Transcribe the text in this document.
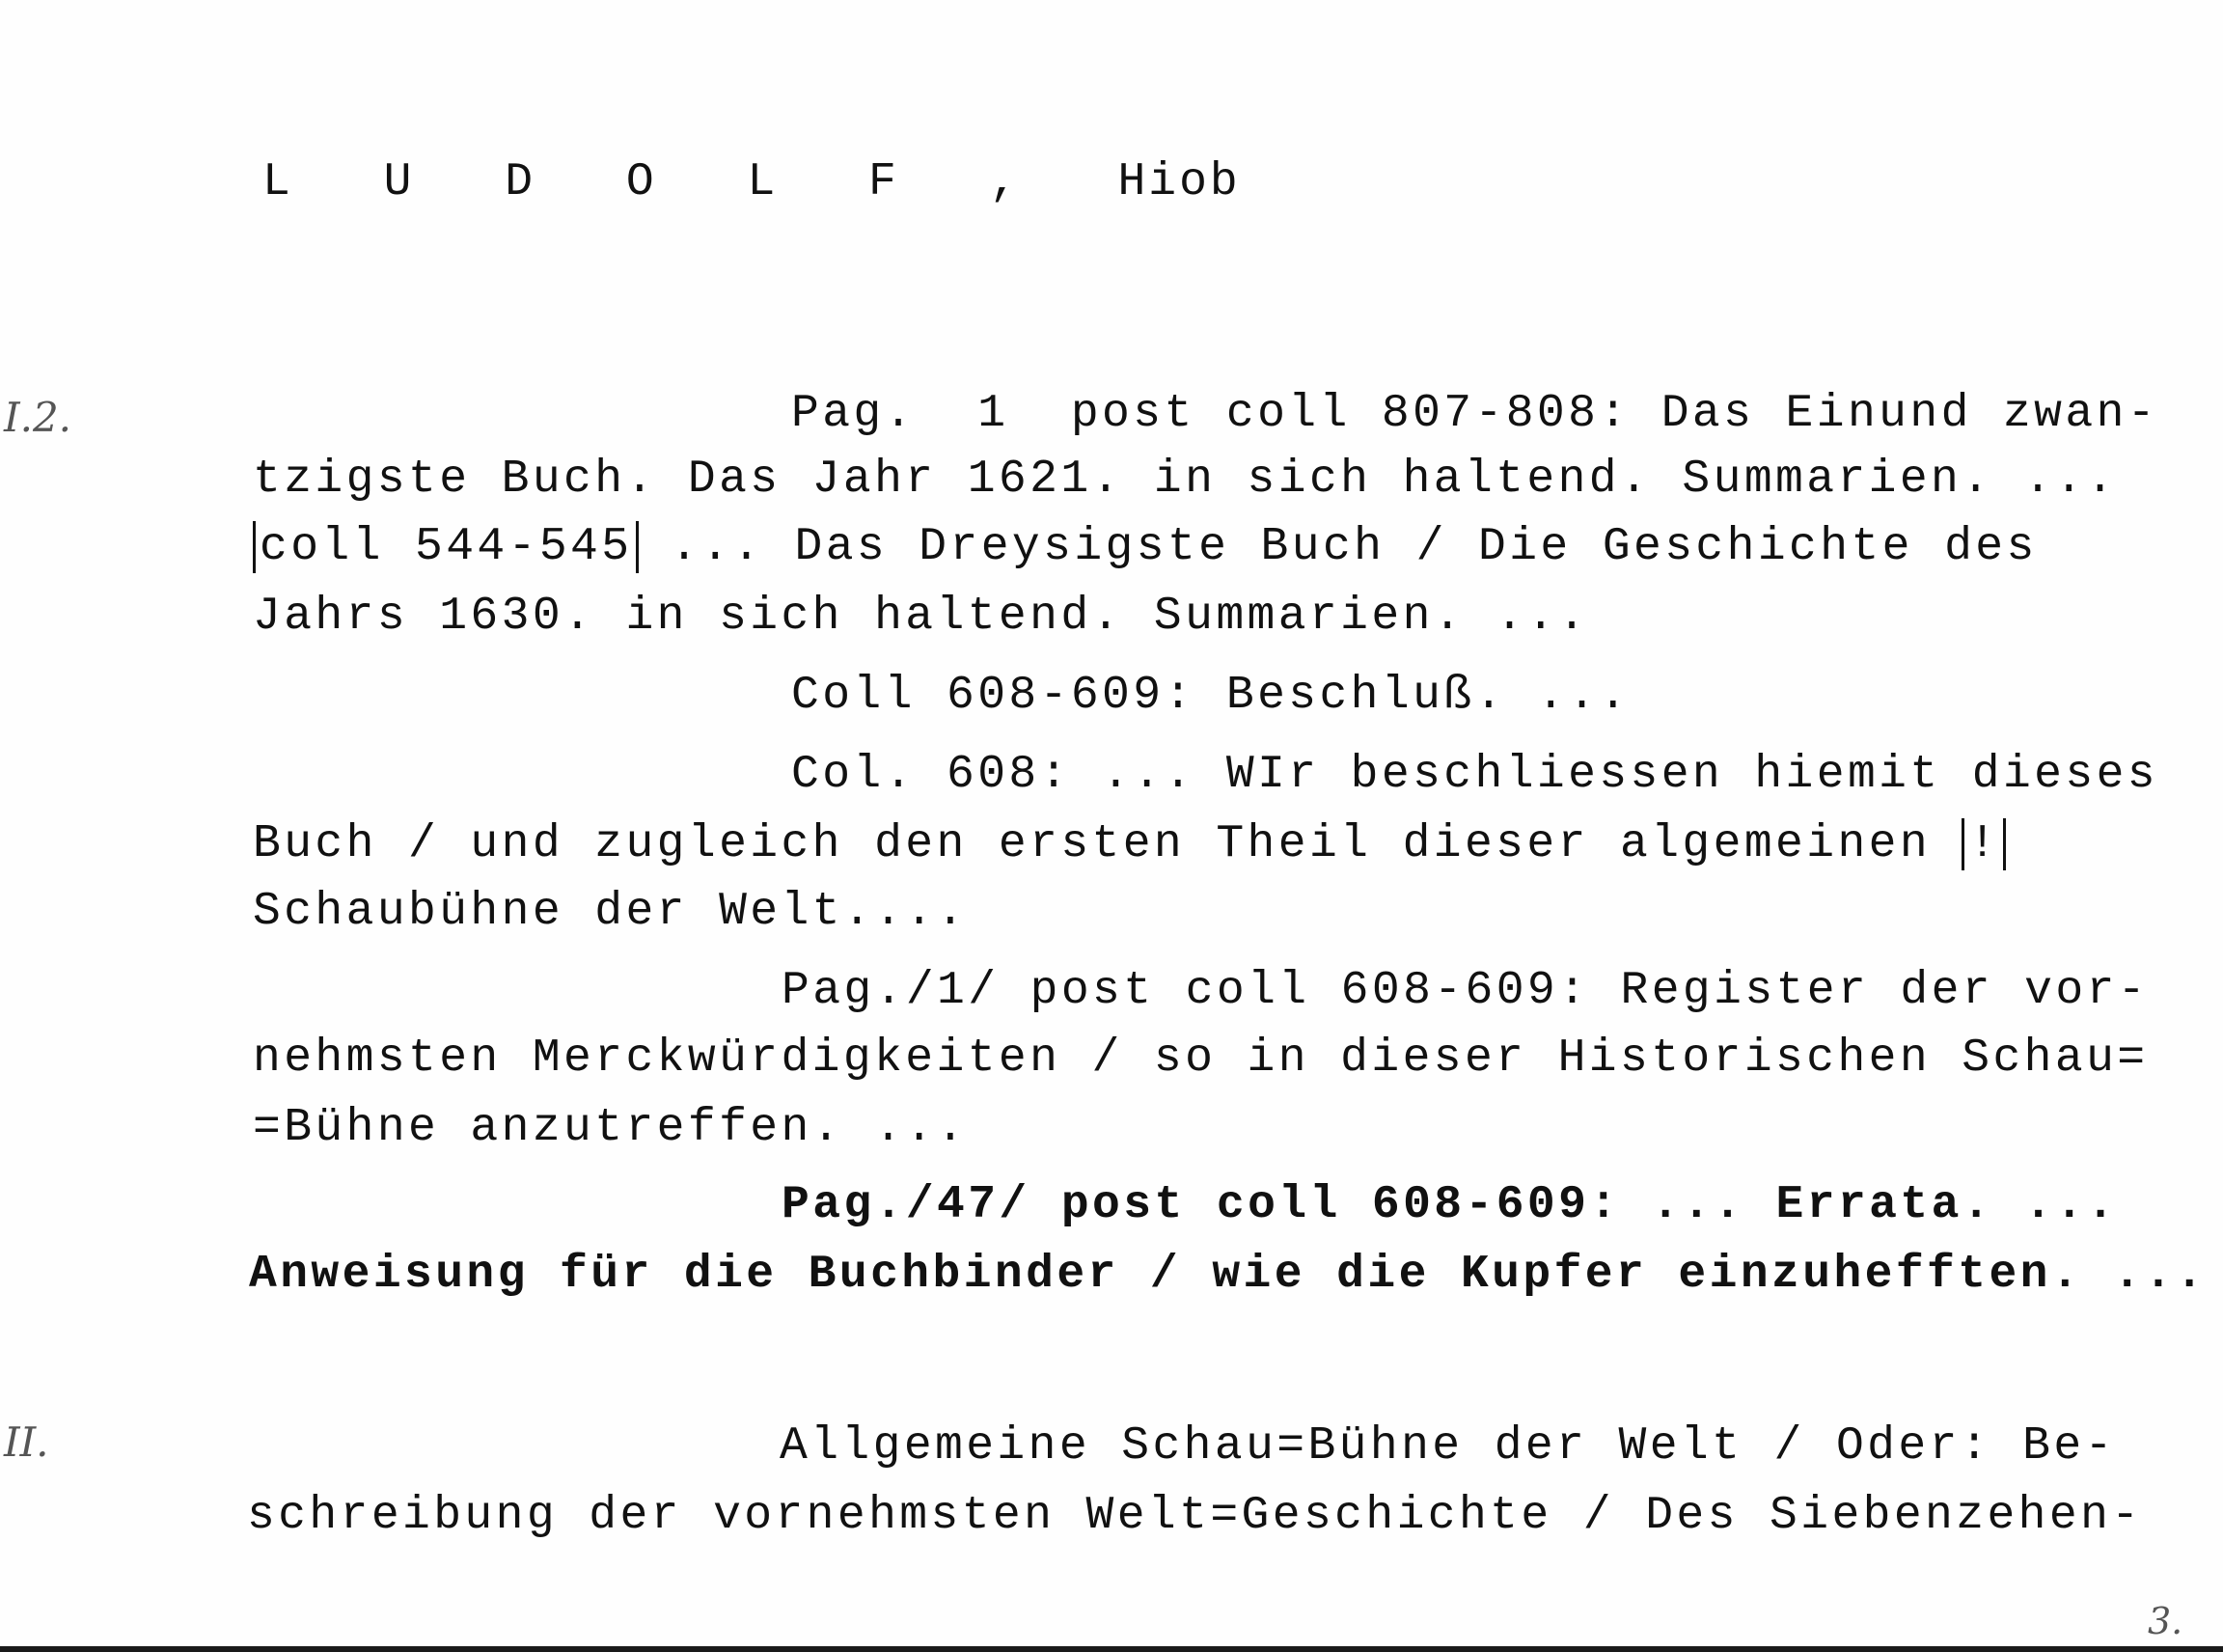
L U D O L F , Hiob
I.2.
II.
3.
Pag.  1  post coll 807-808: Das Einund zwan-
tzigste Buch. Das Jahr 1621. in sich haltend. Summarien. ...
coll 544-545 ... Das Dreysigste Buch / Die Geschichte des
Jahrs 1630. in sich haltend. Summarien. ...
Coll 608-609: Beschluß. ...
Col. 608: ... WIr beschliessen hiemit dieses
Buch / und zugleich den ersten Theil dieser algemeinen !
Schaubühne der Welt....
Pag./1/ post coll 608-609: Register der vor-
nehmsten Merckwürdigkeiten / so in dieser Historischen Schau=
=Bühne anzutreffen. ...
Pag./47/ post coll 608-609: ... Errata. ...
Anweisung für die Buchbinder / wie die Kupfer einzuhefften. ...
Allgemeine Schau=Bühne der Welt / Oder: Be-
schreibung der vornehmsten Welt=Geschichte / Des Siebenzehen-
